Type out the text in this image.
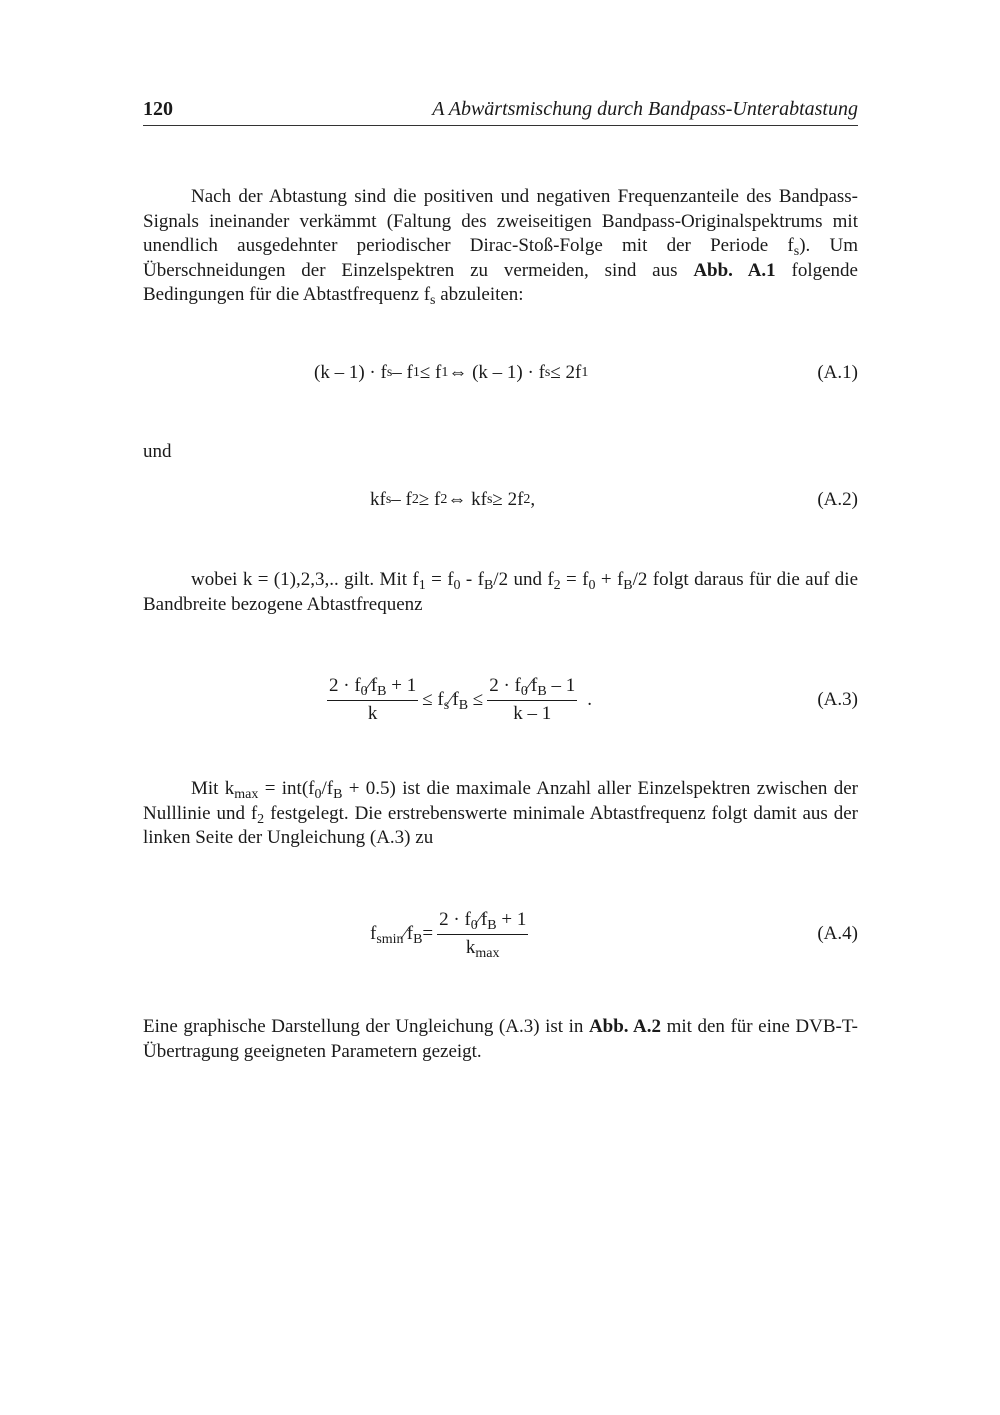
120	A Abwärtsmischung durch Bandpass-Unterabtastung
Nach der Abtastung sind die positiven und negativen Frequenzanteile des Bandpass-Signals ineinander verkämmt (Faltung des zweiseitigen Bandpass-Originalspektrums mit unendlich ausgedehnter periodischer Dirac-Stoß-Folge mit der Periode $f_s$). Um Überschneidungen der Einzelspektren zu vermeiden, sind aus Abb. A.1 folgende Bedingungen für die Abtastfrequenz $f_s$ abzuleiten:
(k – 1) · f s – f 1 ≤ f 1 ⇔ (k – 1) · f s ≤ 2f 1	(A.1)
und
kf s – f 2 ≥ f 2 ⇔ kf s ≥ 2f 2 ,	(A.2)
wobei k = (1),2,3,.. gilt. Mit $f_1 = f_0 - f_B/2$ und $f_2 = f_0 + f_B/2$ folgt daraus für die auf die Bandbreite bezogene Abtastfrequenz
$\frac{2 \cdot f_0⁄f_B + 1}{k}$ ≤ $f_s⁄f_B \le \frac{2 \cdot f_0⁄f_B - 1}{k - 1}$ .	(A.3)
Mit $k_{max} = int(f_0/f_B + 0.5)$ ist die maximale Anzahl aller Einzelspektren zwischen der Nulllinie und $f_2$ festgelegt. Die erstrebenswerte minimale Abtastfrequenz folgt damit aus der linken Seite der Ungleichung (A.3) zu
$f_{smin}⁄f_B = \frac{2 \cdot f_0⁄f_B + 1}{k_{max}}$	(A.4)
Eine graphische Darstellung der Ungleichung (A.3) ist in Abb. A.2 mit den für eine DVB-T-Übertragung geeigneten Parametern gezeigt.
